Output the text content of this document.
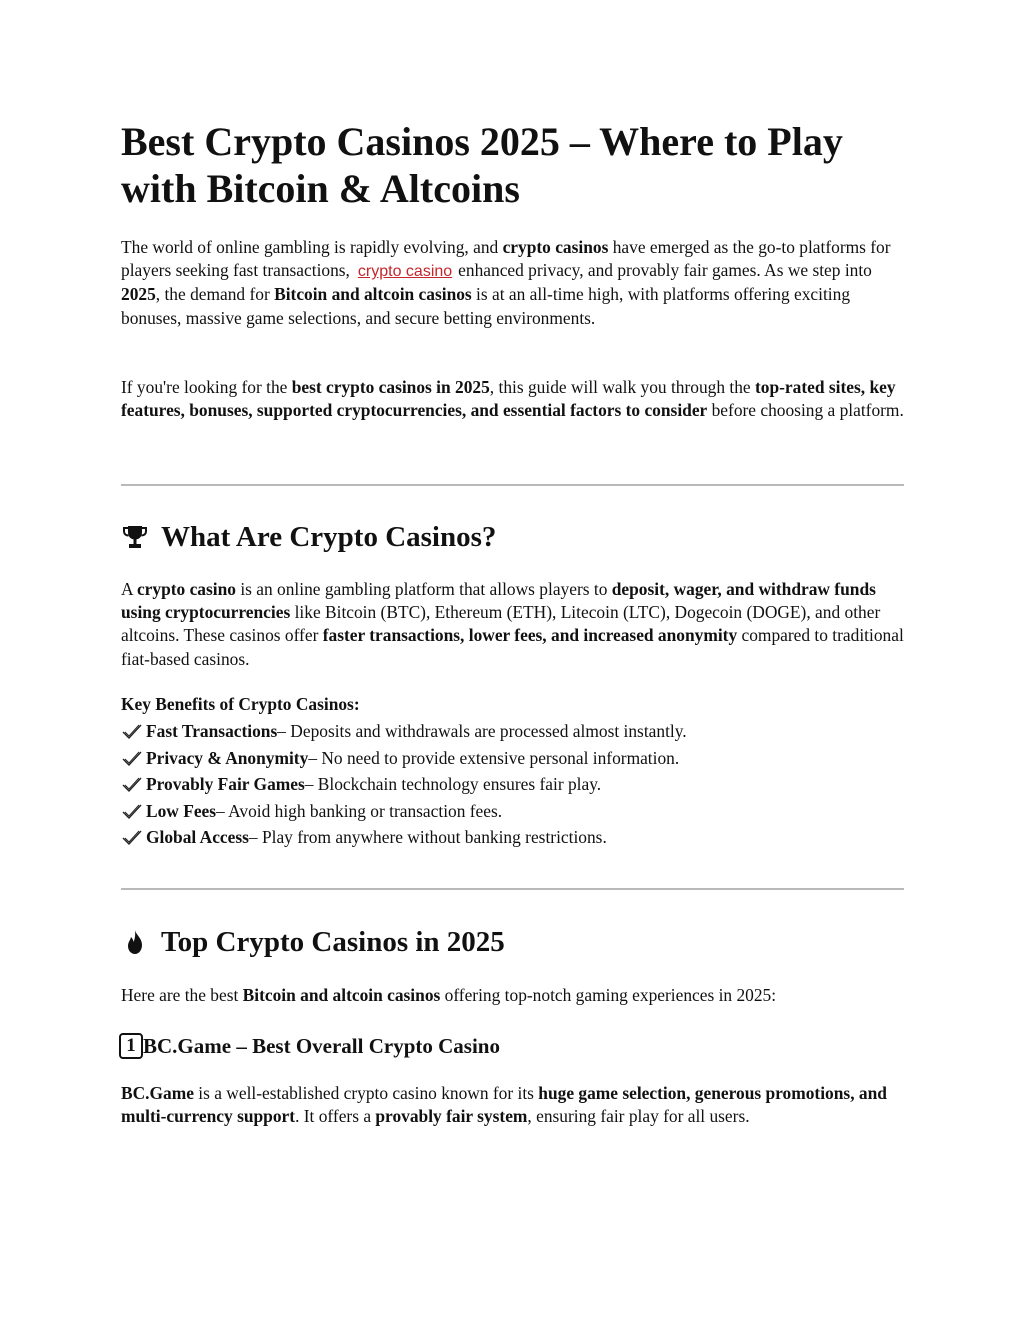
Best Crypto Casinos 2025 – Where to Play with Bitcoin & Altcoins

The world of online gambling is rapidly evolving, and crypto casinos have emerged as the go-to platforms for players seeking fast transactions, crypto casino enhanced privacy, and provably fair games. As we step into 2025, the demand for Bitcoin and altcoin casinos is at an all-time high, with platforms offering exciting bonuses, massive game selections, and secure betting environments.

If you're looking for the best crypto casinos in 2025, this guide will walk you through the top-rated sites, key features, bonuses, supported cryptocurrencies, and essential factors to consider before choosing a platform.

What Are Crypto Casinos?

A crypto casino is an online gambling platform that allows players to deposit, wager, and withdraw funds using cryptocurrencies like Bitcoin (BTC), Ethereum (ETH), Litecoin (LTC), Dogecoin (DOGE), and other altcoins. These casinos offer faster transactions, lower fees, and increased anonymity compared to traditional fiat-based casinos.

Key Benefits of Crypto Casinos:

Fast Transactions – Deposits and withdrawals are processed almost instantly.

Privacy & Anonymity – No need to provide extensive personal information.

Provably Fair Games – Blockchain technology ensures fair play.

Low Fees – Avoid high banking or transaction fees.

Global Access – Play from anywhere without banking restrictions.

Top Crypto Casinos in 2025

Here are the best Bitcoin and altcoin casinos offering top-notch gaming experiences in 2025:

1 BC.Game – Best Overall Crypto Casino

BC.Game is a well-established crypto casino known for its huge game selection, generous promotions, and multi-currency support. It offers a provably fair system, ensuring fair play for all users.
